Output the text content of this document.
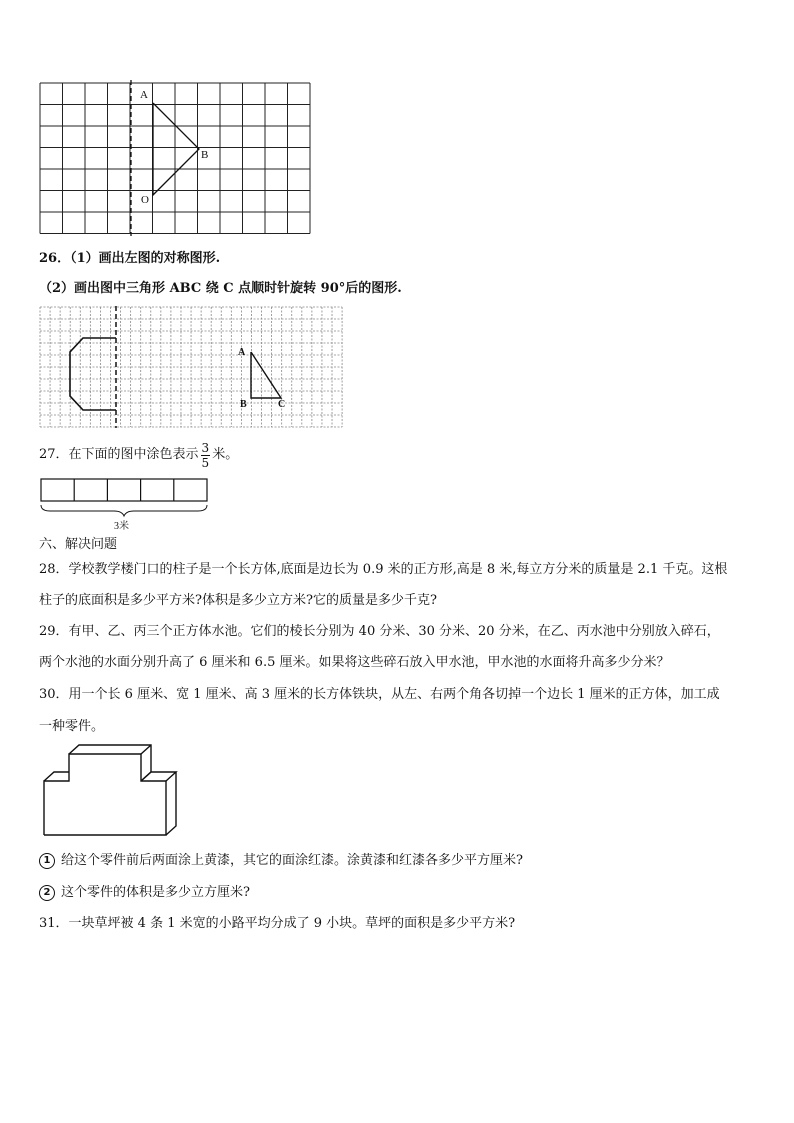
A
B
O
26．（1）画出左图的对称图形.
（2）画出图中三角形 ABC 绕 C 点顺时针旋转 90°后的图形.
A
B	C
27．在下面的图中涂色表示 $\frac{3}{5}$ 米。
3米
六、解决问题
28．学校教学楼门口的柱子是一个长方体,底面是边长为 0.9 米的正方形,高是 8 米,每立方分米的质量是 2.1 千克。这根
柱子的底面积是多少平方米?体积是多少立方米?它的质量是多少千克?
29．有甲、乙、丙三个正方体水池。它们的棱长分别为 40 分米、30 分米、20 分米，在乙、丙水池中分别放入碎石，
两个水池的水面分别升高了 6 厘米和 6.5 厘米。如果将这些碎石放入甲水池，甲水池的水面将升高多少分米？
30．用一个长 6 厘米、宽 1 厘米、高 3 厘米的长方体铁块，从左、右两个角各切掉一个边长 1 厘米的正方体，加工成
一种零件。
1 给这个零件前后两面涂上黄漆，其它的面涂红漆。涂黄漆和红漆各多少平方厘米?
2 这个零件的体积是多少立方厘米?
31．一块草坪被 4 条 1 米宽的小路平均分成了 9 小块。草坪的面积是多少平方米?
